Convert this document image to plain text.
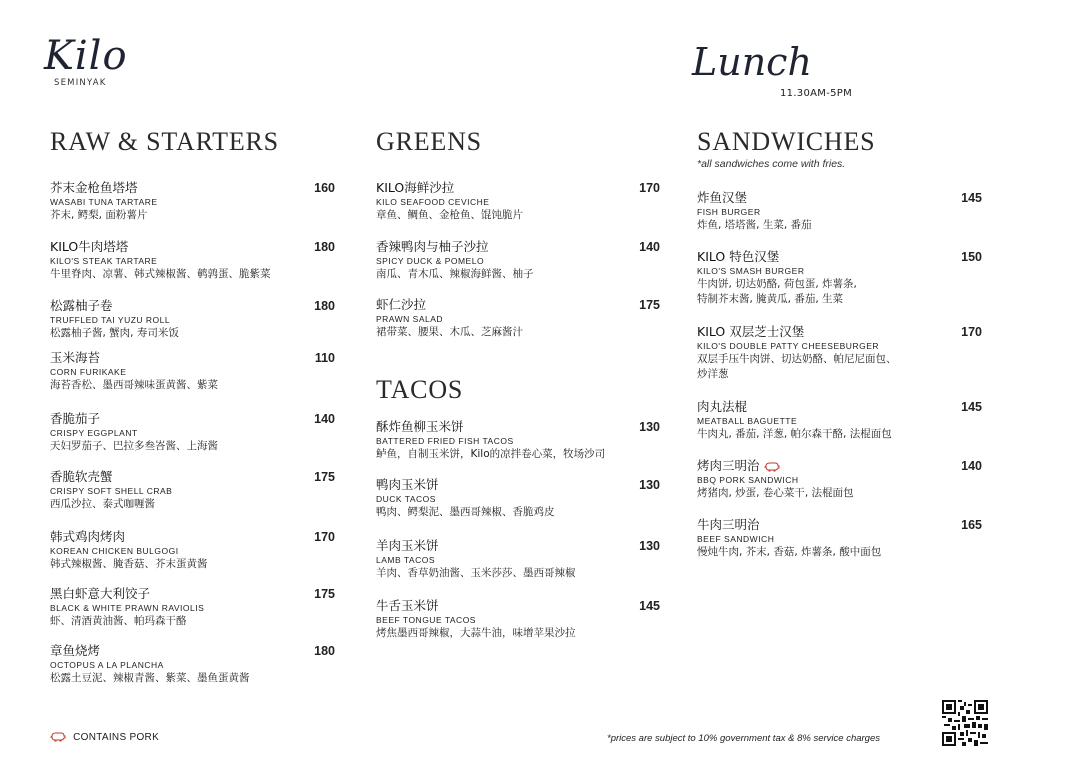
Kilo
SEMINYAK	Lunch
11.30AM-5PM
RAW & STARTERS
芥末金枪鱼塔塔
WASABI TUNA TARTARE
芥末, 鳄梨, 面粉薯片
160
KILO牛肉塔塔
KILO'S STEAK TARTARE
牛里脊肉、凉薯、韩式辣椒酱、鹌鹑蛋、脆紫菜
180
松露柚子卷
TRUFFLED TAI YUZU ROLL
松露柚子酱, 蟹肉, 寿司米饭
180
玉米海苔
CORN FURIKAKE
海苔香松、墨西哥辣味蛋黄酱、紫菜
110
香脆茄子
CRISPY EGGPLANT
天妇罗茄子、巴拉多叁峇酱、上海酱
140
香脆软壳蟹
CRISPY SOFT SHELL CRAB
西瓜沙拉、泰式咖喱酱
175
韩式鸡肉烤肉
KOREAN CHICKEN BULGOGI
韩式辣椒酱、腌香菇、芥末蛋黄酱
170
黑白虾意大利饺子
BLACK & WHITE PRAWN RAVIOLIS
虾、清酒黄油酱、帕玛森干酪
175
章鱼烧烤
OCTOPUS A LA PLANCHA
松露土豆泥、辣椒青酱、紫菜、墨鱼蛋黄酱
180
GREENS
KILO海鲜沙拉
KILO SEAFOOD CEVICHE
章鱼、鲷鱼、金枪鱼、馄饨脆片
170
香辣鸭肉与柚子沙拉
SPICY DUCK & POMELO
南瓜、青木瓜、辣椒海鲜酱、柚子
140
虾仁沙拉
PRAWN SALAD
裙带菜、腰果、木瓜、芝麻酱汁
175
TACOS
酥炸鱼柳玉米饼
BATTERED FRIED FISH TACOS
鲈鱼，自制玉米饼，Kilo的凉拌卷心菜，牧场沙司
130
鸭肉玉米饼
DUCK TACOS
鸭肉、鳄梨泥、墨西哥辣椒、香脆鸡皮
130
羊肉玉米饼
LAMB TACOS
羊肉、香草奶油酱、玉米莎莎、墨西哥辣椒
130
牛舌玉米饼
BEEF TONGUE TACOS
烤焦墨西哥辣椒，大蒜牛油，味增苹果沙拉
145
SANDWICHES
*all sandwiches come with fries.
炸鱼汉堡
FISH BURGER
炸鱼, 塔塔酱, 生菜, 番茄
145
KILO 特色汉堡
KILO'S SMASH BURGER
牛肉饼, 切达奶酪, 荷包蛋, 炸薯条,
特制芥末酱, 腌黄瓜, 番茄, 生菜
150
KILO 双层芝士汉堡
KILO'S DOUBLE PATTY CHEESEBURGER
双层手压牛肉饼、切达奶酪、帕尼尼面包、
炒洋葱
170
肉丸法棍
MEATBALL BAGUETTE
牛肉丸, 番茄, 洋葱, 帕尔森干酪, 法棍面包
145
烤肉三明治
BBQ PORK SANDWICH
烤猪肉, 炒蛋, 卷心菜干, 法棍面包
140
牛肉三明治
BEEF SANDWICH
慢炖牛肉, 芥末, 香菇, 炸薯条, 酸中面包
165
CONTAINS PORK	*prices are subject to 10% government tax & 8% service charges
